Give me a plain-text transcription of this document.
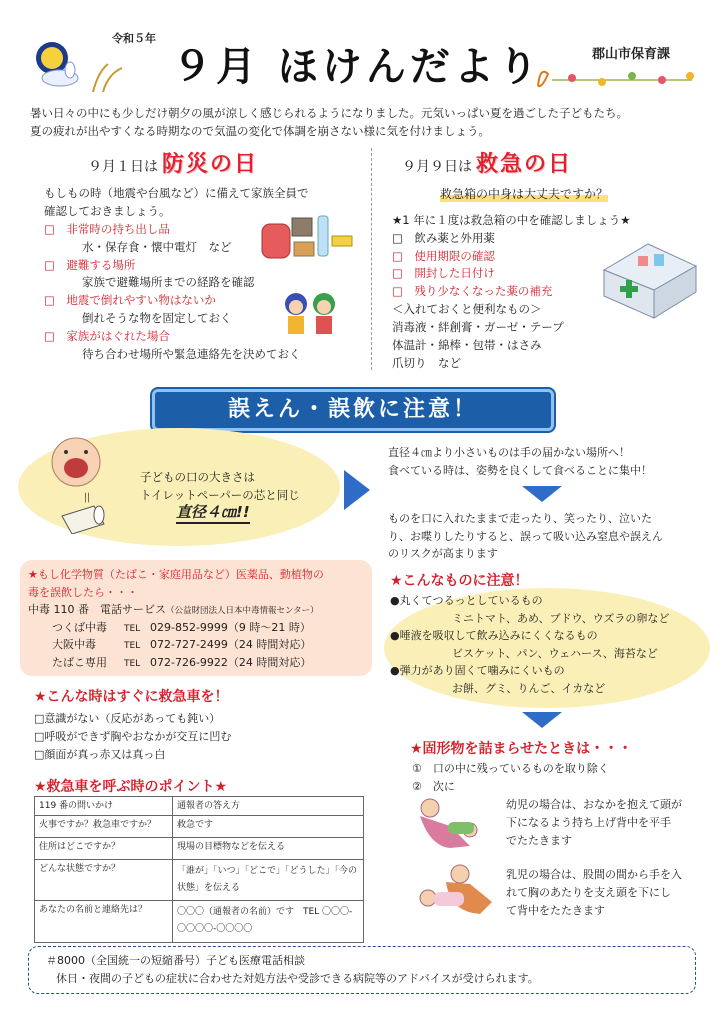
令和５年
９月 ほけんだより	郡山市保育課
暑い日々の中にも少しだけ朝夕の風が涼しく感じられるようになりました。元気いっぱい夏を過ごした子どもたち。
夏の疲れが出やすくなる時期なので気温の変化で体調を崩さない様に気を付けましょう。
９月１日は 防災の日
もしもの時（地震や台風など）に備えて家族全員で
確認しておきましょう。
□　 非常時の持ち出し品
水・保存食・懐中電灯　など
□　 避難する場所
家族で避難場所までの経路を確認
□　 地震で倒れやすい物はないか
倒れそうな物を固定しておく
□　 家族がはぐれた場合
待ち合わせ場所や緊急連絡先を決めておく
９月９日は 救急の日
救急箱の中身は大丈夫ですか？
★1 年に１度は救急箱の中を確認しましょう★
□　 飲み薬と外用薬
□　 使用期限の確認
□　 開封した日付け
□　 残り少なくなった薬の補充
＜入れておくと便利なもの＞
消毒液・絆創膏・ガーゼ・テープ
体温計・綿棒・包帯・はさみ
爪切り　など
誤えん・誤飲に注意！
＝
子どもの口の大きさは
トイレットペーパーの芯と同じ
直径４㎝!!
直径４㎝より小さいものは手の届かない場所へ！
食べている時は、姿勢を良くして食べることに集中！
ものを口に入れたままで走ったり、笑ったり、泣いた
り、お喋りしたりすると、誤って吸い込み窒息や誤えん
のリスクが高まります
★もし化学物質（たばこ・家庭用品など）医薬品、動植物の
毒を誤飲したら・・・
中毒 110 番　電話サービス（公益財団法人日本中毒情報センター）
つくば中毒 TEL 029-852-9999（9 時～21 時）
大阪中毒	TEL 072-727-2499（24 時間対応）
たばこ専用 TEL 072-726-9922（24 時間対応）
★こんなものに注意！
●丸くてつるっとしているもの
ミニトマト、あめ、ブドウ、ウズラの卵など
●唾液を吸収して飲み込みにくくなるもの
ビスケット、パン、ウェハース、海苔など
●弾力があり固くて噛みにくいもの
お餅、グミ、りんご、イカなど
★こんな時はすぐに救急車を！
□意識がない（反応があっても鈍い）
□呼吸ができず胸やおなかが交互に凹む
□顔面が真っ赤又は真っ白	★固形物を詰まらせたときは・・・
①　口の中に残っているものを取り除く
②　次に
幼児の場合は、おなかを抱えて頭が
下になるよう持ち上げ背中を平手
でたたきます
乳児の場合は、股間の間から手を入
れて胸のあたりを支え頭を下にし
て背中をたたきます
★救急車を呼ぶ時のポイント★
119 番の問いかけ	通報者の答え方
火事ですか？救急車ですか？	救急です
住所はどこですか？	現場の目標物などを伝える
どんな状態ですか？	「誰が」「いつ」「どこで」「どうした」「今の状態」を伝える
あなたの名前と連絡先は？	〇〇〇（通報者の名前）です　TEL 〇〇〇-〇〇〇〇-〇〇〇〇
＃8000（全国統一の短縮番号）子ども医療電話相談
休日・夜間の子どもの症状に合わせた対処方法や受診できる病院等のアドバイスが受けられます。
